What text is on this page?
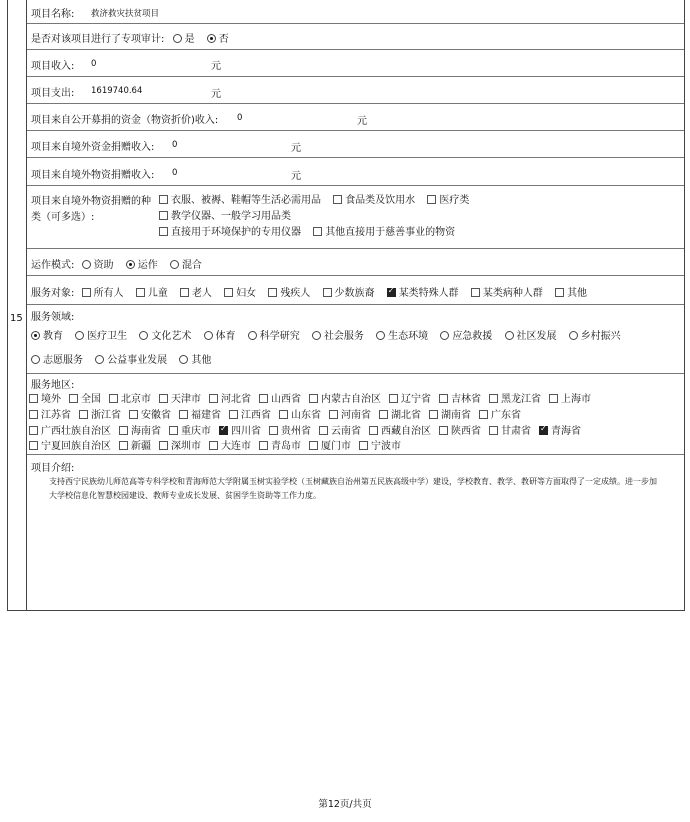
15
项目名称: 救济救灾扶贫项目
是否对该项目进行了专项审计: 是 否
项目收入: 0	元
项目支出: 1619740.64	元
项目来自公开募捐的资金（物资折价)收入: 0	元
项目来自境外资金捐赠收入: 0	元
项目来自境外物资捐赠收入: 0	元
项目来自境外物资捐赠的种
类（可多选）:
衣服、被褥、鞋帽等生活必需用品 食品类及饮用水 医疗类
教学仪器、一般学习用品类
直接用于环境保护的专用仪器 其他直接用于慈善事业的物资
运作模式: 资助 运作 混合
服务对象: 所有人 儿童 老人 妇女 残疾人 少数族裔 ✓ 某类特殊人群 某类病种人群 其他
服务领域:
教育 医疗卫生 文化艺术 体育 科学研究 社会服务 生态环境 应急救援 社区发展 乡村振兴
志愿服务 公益事业发展 其他
服务地区:
境外 全国 北京市 天津市 河北省 山西省 内蒙古自治区 辽宁省 吉林省 黑龙江省 上海市
江苏省 浙江省 安徽省 福建省 江西省 山东省 河南省 湖北省 湖南省 广东省
广西壮族自治区 海南省 重庆市 ✓ 四川省 贵州省 云南省 西藏自治区 陕西省 甘肃省 ✓ 青海省
宁夏回族自治区 新疆 深圳市 大连市 青岛市 厦门市 宁波市
项目介绍:
支持西宁民族幼儿师范高等专科学校和青海师范大学附属玉树实验学校（玉树藏族自治州第五民族高级中学）建设，学校教育、教学、教研等方面取得了一定成绩。进一步加大学校信息化智慧校园建设、教师专业成长发展、贫困学生资助等工作力度。
第12页/共页
